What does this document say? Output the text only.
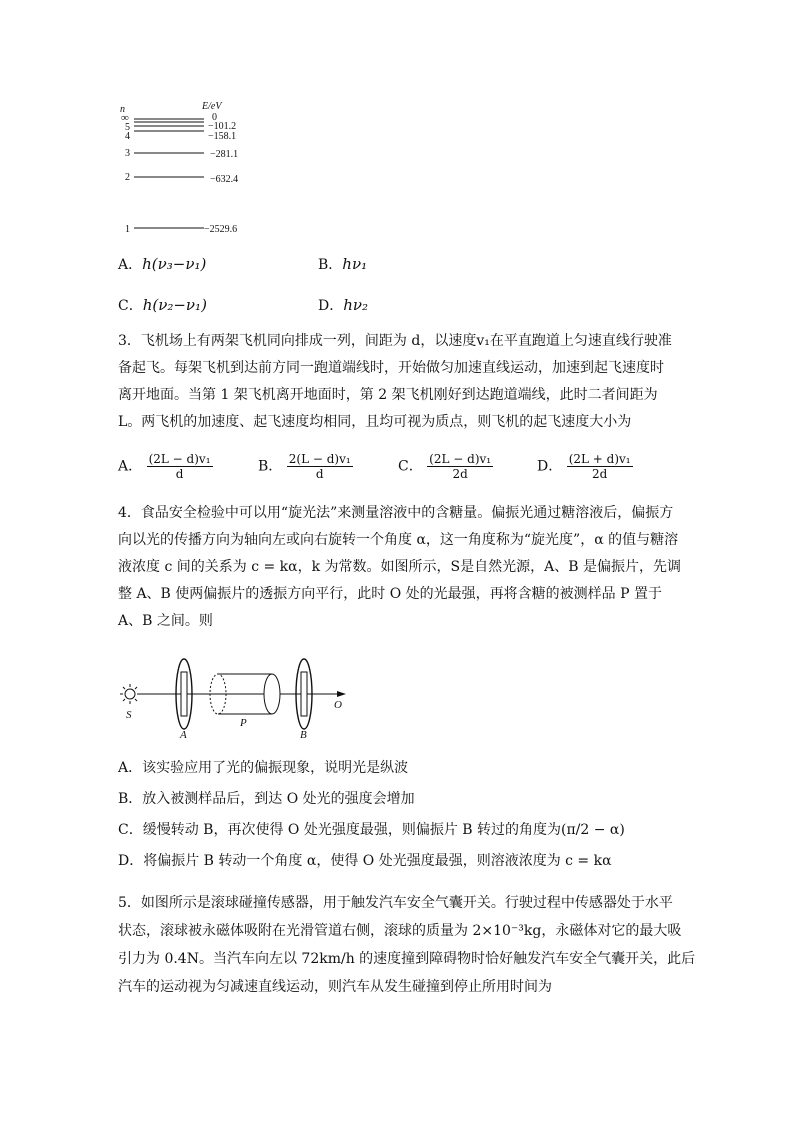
n	E/eV
∞	0
5	−101.2
4	−158.1
3	−281.1
2	−632.4
1	−2529.6
A．h(ν₃−ν₁)	B．hν₁
C．h(ν₂−ν₁)	D．hν₂
3．飞机场上有两架飞机同向排成一列，间距为 d，以速度v₁在平直跑道上匀速直线行驶准
备起飞。每架飞机到达前方同一跑道端线时，开始做匀加速直线运动，加速到起飞速度时
离开地面。当第 1 架飞机离开地面时，第 2 架飞机刚好到达跑道端线，此时二者间距为
L。两飞机的加速度、起飞速度均相同，且均可视为质点，则飞机的起飞速度大小为
A． $\frac{\text{(2L − d)v₁}}{d}$	B． $\frac{\text{2(L − d)v₁}}{d}$	C． $\frac{\text{(2L − d)v₁}}{2d}$	D． $\frac{\text{(2L + d)v₁}}{2d}$
4．食品安全检验中可以用“旋光法”来测量溶液中的含糖量。偏振光通过糖溶液后，偏振方
向以光的传播方向为轴向左或向右旋转一个角度 α，这一角度称为“旋光度”，α 的值与糖溶
液浓度 c 间的关系为 c = kα，k 为常数。如图所示，S是自然光源，A、B 是偏振片，先调
整 A、B 使两偏振片的透振方向平行，此时 O 处的光最强，再将含糖的被测样品 P 置于
A、B 之间。则
S
A
P
B
O
A．该实验应用了光的偏振现象，说明光是纵波
B．放入被测样品后，到达 O 处光的强度会增加
C．缓慢转动 B，再次使得 O 处光强度最强，则偏振片 B 转过的角度为(π/2 − α)
D．将偏振片 B 转动一个角度 α，使得 O 处光强度最强，则溶液浓度为 c = kα
5．如图所示是滚球碰撞传感器，用于触发汽车安全气囊开关。行驶过程中传感器处于水平
状态，滚球被永磁体吸附在光滑管道右侧，滚球的质量为 2×10⁻³kg，永磁体对它的最大吸
引力为 0.4N。当汽车向左以 72km/h 的速度撞到障碍物时恰好触发汽车安全气囊开关，此后
汽车的运动视为匀减速直线运动，则汽车从发生碰撞到停止所用时间为
